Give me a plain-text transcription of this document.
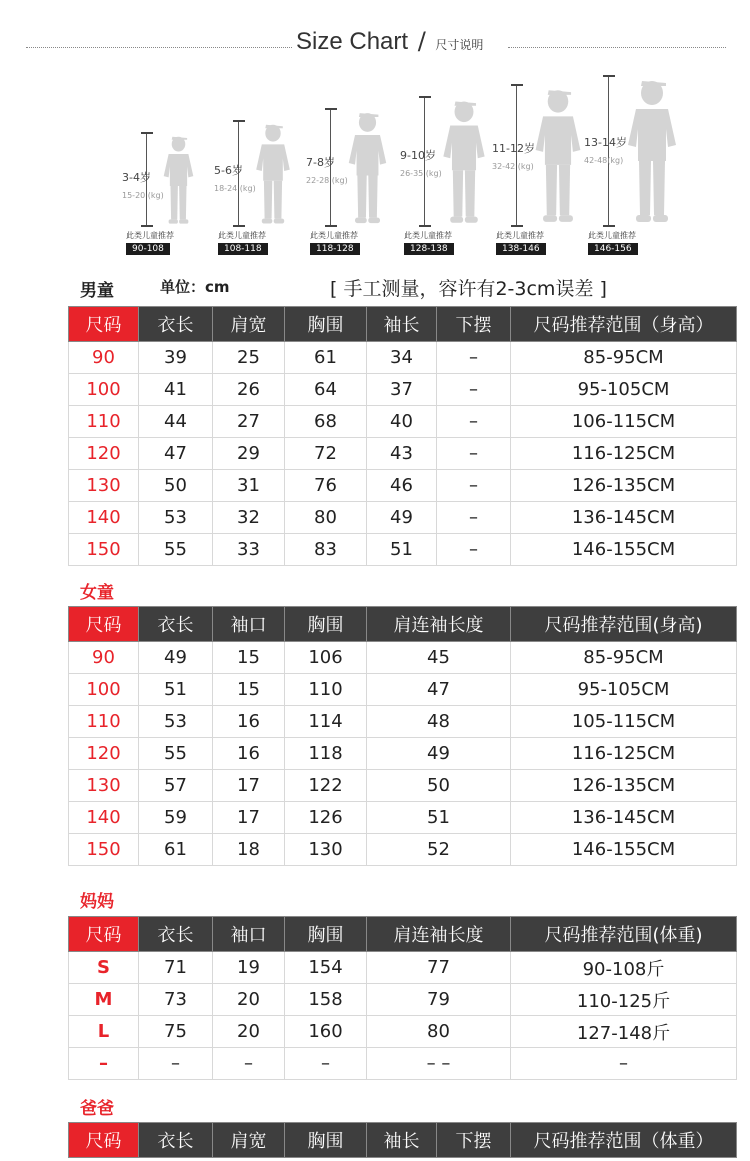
Size Chart / 尺寸说明
3-4岁
15-20 (kg)
此类儿童推荐
90-108
5-6岁
18-24 (kg)
此类儿童推荐
108-118
7-8岁
22-28 (kg)
此类儿童推荐
118-128
9-10岁
26-35 (kg)
此类儿童推荐
128-138
11-12岁
32-42 (kg)
此类儿童推荐
138-146
13-14岁
42-48(kg)
此类儿童推荐
146-156
男童	单位：cm	[ 手工测量，容许有2-3cm误差 ]
尺码	衣长	肩宽	胸围	袖长	下摆	尺码推荐范围（身高）
90	39	25	61	34	–	85-95CM
100	41	26	64	37	–	95-105CM
110	44	27	68	40	–	106-115CM
120	47	29	72	43	–	116-125CM
130	50	31	76	46	–	126-135CM
140	53	32	80	49	–	136-145CM
150	55	33	83	51	–	146-155CM
女童
尺码	衣长	袖口	胸围	肩连袖长度	尺码推荐范围(身高)
90	49	15	106	45	85-95CM
100	51	15	110	47	95-105CM
110	53	16	114	48	105-115CM
120	55	16	118	49	116-125CM
130	57	17	122	50	126-135CM
140	59	17	126	51	136-145CM
150	61	18	130	52	146-155CM
妈妈
尺码	衣长	袖口	胸围	肩连袖长度	尺码推荐范围(体重)
S	71	19	154	77	90-108斤
M	73	20	158	79	110-125斤
L	75	20	160	80	127-148斤
–	–	–	–	– –	–
爸爸
尺码	衣长	肩宽	胸围	袖长	下摆	尺码推荐范围（体重）
